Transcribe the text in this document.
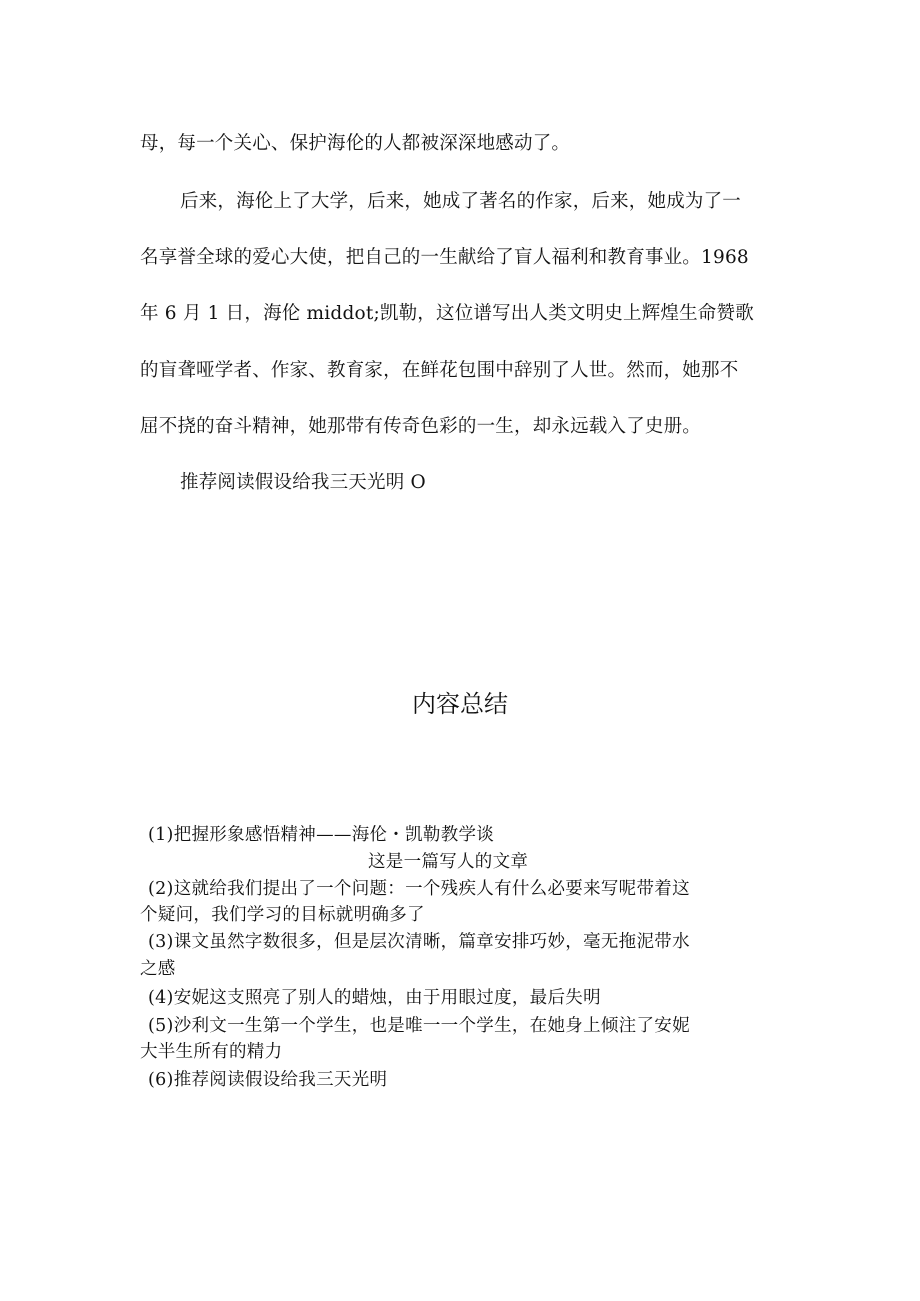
母，每一个关心、保护海伦的人都被深深地感动了。
后来，海伦上了大学，后来，她成了著名的作家，后来，她成为了一
名享誉全球的爱心大使，把自己的一生献给了盲人福利和教育事业。1968
年 6 月 1 日，海伦 middot;凯勒，这位谱写出人类文明史上辉煌生命赞歌
的盲聋哑学者、作家、教育家，在鲜花包围中辞别了人世。然而，她那不
屈不挠的奋斗精神，她那带有传奇色彩的一生，却永远载入了史册。
推荐阅读假设给我三天光明 O
内容总结
(1)把握形象感悟精神——海伦・凯勒教学谈
这是一篇写人的文章
(2)这就给我们提出了一个问题：一个残疾人有什么必要来写呢带着这
个疑问，我们学习的目标就明确多了
(3)课文虽然字数很多，但是层次清晰，篇章安排巧妙，毫无拖泥带水
之感
(4)安妮这支照亮了别人的蜡烛，由于用眼过度，最后失明
(5)沙利文一生第一个学生，也是唯一一个学生，在她身上倾注了安妮
大半生所有的精力
(6)推荐阅读假设给我三天光明
